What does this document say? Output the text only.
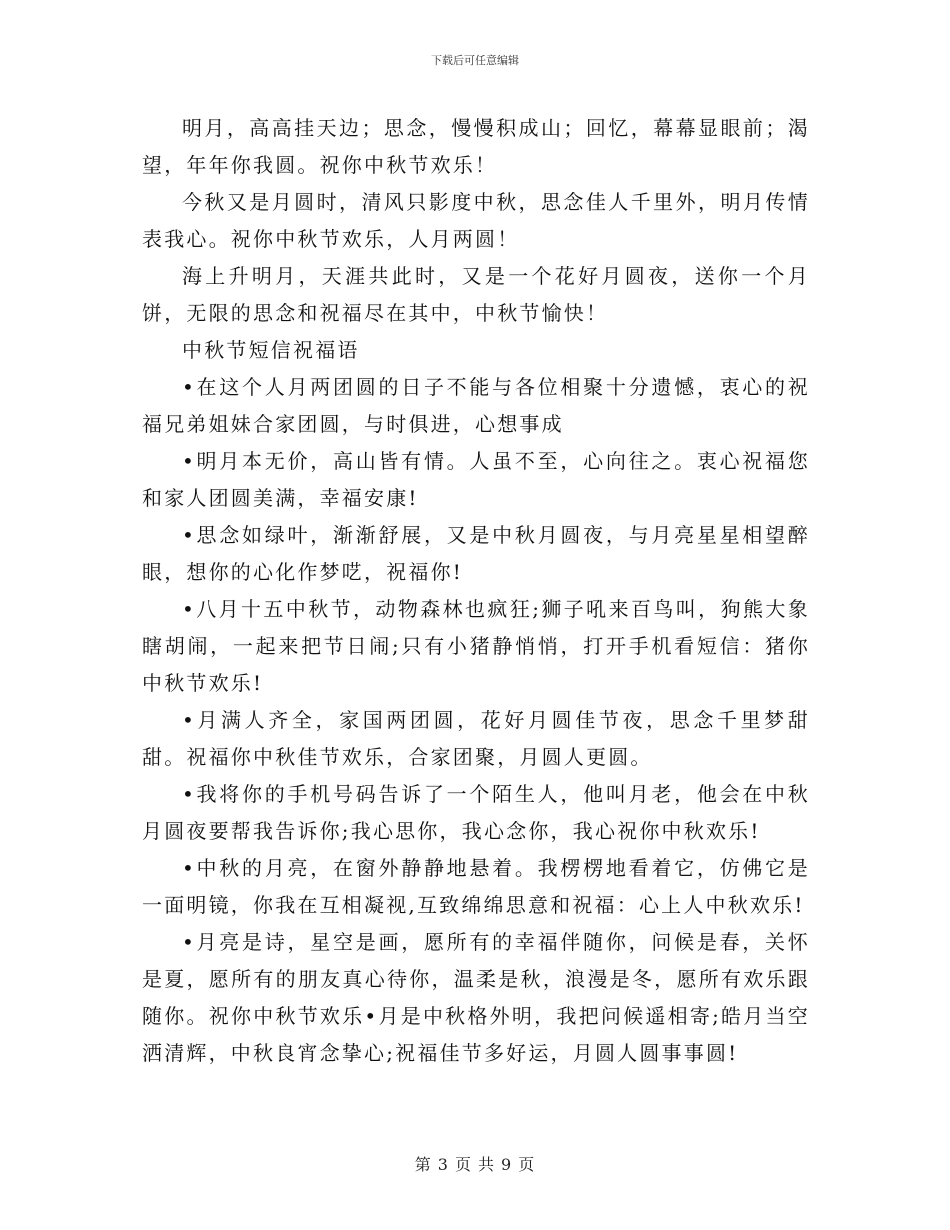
下载后可任意编辑

明月，高高挂天边；思念，慢慢积成山；回忆，幕幕显眼前；渴望，年年你我圆。祝你中秋节欢乐！

今秋又是月圆时，清风只影度中秋，思念佳人千里外，明月传情表我心。祝你中秋节欢乐，人月两圆！

海上升明月，天涯共此时，又是一个花好月圆夜，送你一个月饼，无限的思念和祝福尽在其中，中秋节愉快！

中秋节短信祝福语

•在这个人月两团圆的日子不能与各位相聚十分遗憾，衷心的祝福兄弟姐妹合家团圆，与时俱进，心想事成

•明月本无价，高山皆有情。人虽不至，心向往之。衷心祝福您和家人团圆美满，幸福安康!

•思念如绿叶，渐渐舒展，又是中秋月圆夜，与月亮星星相望醉眼，想你的心化作梦呓，祝福你!

•八月十五中秋节，动物森林也疯狂;狮子吼来百鸟叫，狗熊大象瞎胡闹，一起来把节日闹;只有小猪静悄悄，打开手机看短信：猪你中秋节欢乐!

•月满人齐全，家国两团圆，花好月圆佳节夜，思念千里梦甜甜。祝福你中秋佳节欢乐，合家团聚，月圆人更圆。

•我将你的手机号码告诉了一个陌生人，他叫月老，他会在中秋月圆夜要帮我告诉你;我心思你，我心念你，我心祝你中秋欢乐!

•中秋的月亮，在窗外静静地悬着。我楞楞地看着它，仿佛它是一面明镜，你我在互相凝视,互致绵绵思意和祝福：心上人中秋欢乐!

•月亮是诗，星空是画，愿所有的幸福伴随你，问候是春，关怀是夏，愿所有的朋友真心待你，温柔是秋，浪漫是冬，愿所有欢乐跟随你。祝你中秋节欢乐•月是中秋格外明，我把问候遥相寄;皓月当空洒清辉，中秋良宵念挚心;祝福佳节多好运，月圆人圆事事圆!

第 3 页 共 9 页
